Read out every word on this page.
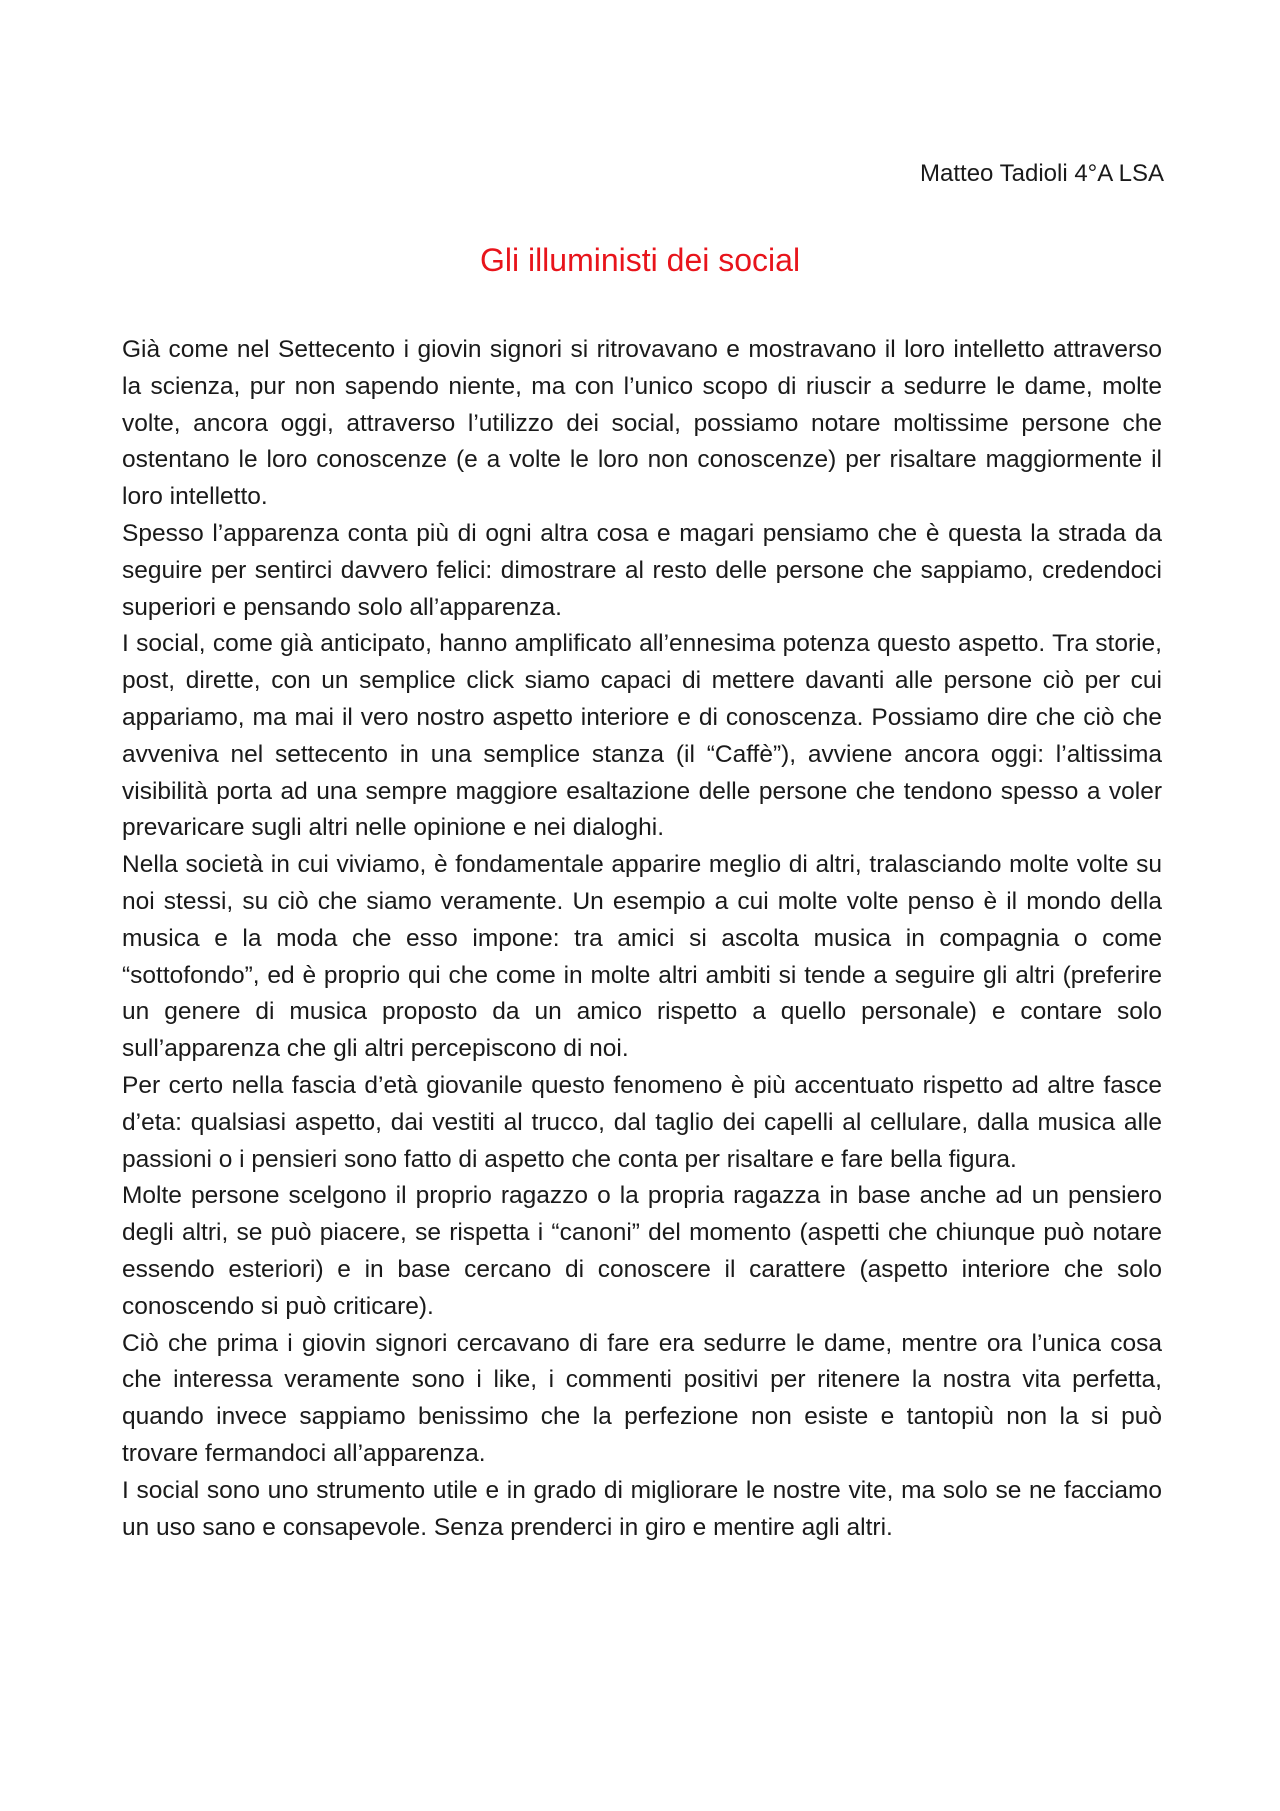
Matteo Tadioli 4°A LSA
Gli illuministi dei social

Già come nel Settecento i giovin signori si ritrovavano e mostravano il loro intelletto attraverso la scienza, pur non sapendo niente, ma con l’unico scopo di riuscir a sedurre le dame, molte volte, ancora oggi, attraverso l’utilizzo dei social, possiamo notare moltissime persone che ostentano le loro conoscenze (e a volte le loro non conoscenze) per risaltare maggiormente il loro intelletto.

Spesso l’apparenza conta più di ogni altra cosa e magari pensiamo che è questa la strada da seguire per sentirci davvero felici: dimostrare al resto delle persone che sappiamo, credendoci superiori e pensando solo all’apparenza.

I social, come già anticipato, hanno amplificato all’ennesima potenza questo aspetto. Tra storie, post, dirette, con un semplice click siamo capaci di mettere davanti alle persone ciò per cui appariamo, ma mai il vero nostro aspetto interiore e di conoscenza. Possiamo dire che ciò che avveniva nel settecento in una semplice stanza (il “Caffè”), avviene ancora oggi: l’altissima visibilità porta ad una sempre maggiore esaltazione delle persone che tendono spesso a voler prevaricare sugli altri nelle opinione e nei dialoghi.

Nella società in cui viviamo, è fondamentale apparire meglio di altri, tralasciando molte volte su noi stessi, su ciò che siamo veramente. Un esempio a cui molte volte penso è il mondo della musica e la moda che esso impone: tra amici si ascolta musica in compagnia o come “sottofondo”, ed è proprio qui che come in molte altri ambiti si tende a seguire gli altri (preferire un genere di musica proposto da un amico rispetto a quello personale) e contare solo sull’apparenza che gli altri percepiscono di noi.

Per certo nella fascia d’età giovanile questo fenomeno è più accentuato rispetto ad altre fasce d’eta: qualsiasi aspetto, dai vestiti al trucco, dal taglio dei capelli al cellulare, dalla musica alle passioni o i pensieri sono fatto di aspetto che conta per risaltare e fare bella figura.

Molte persone scelgono il proprio ragazzo o la propria ragazza in base anche ad un pensiero degli altri, se può piacere, se rispetta i “canoni” del momento (aspetti che chiunque può notare essendo esteriori) e in base cercano di conoscere il carattere (aspetto interiore che solo conoscendo si può criticare).

Ciò che prima i giovin signori cercavano di fare era sedurre le dame, mentre ora l’unica cosa che interessa veramente sono i like, i commenti positivi per ritenere la nostra vita perfetta, quando invece sappiamo benissimo che la perfezione non esiste e tantopiù non la si può trovare fermandoci all’apparenza.

I social sono uno strumento utile e in grado di migliorare le nostre vite, ma solo se ne facciamo un uso sano e consapevole. Senza prenderci in giro e mentire agli altri.
